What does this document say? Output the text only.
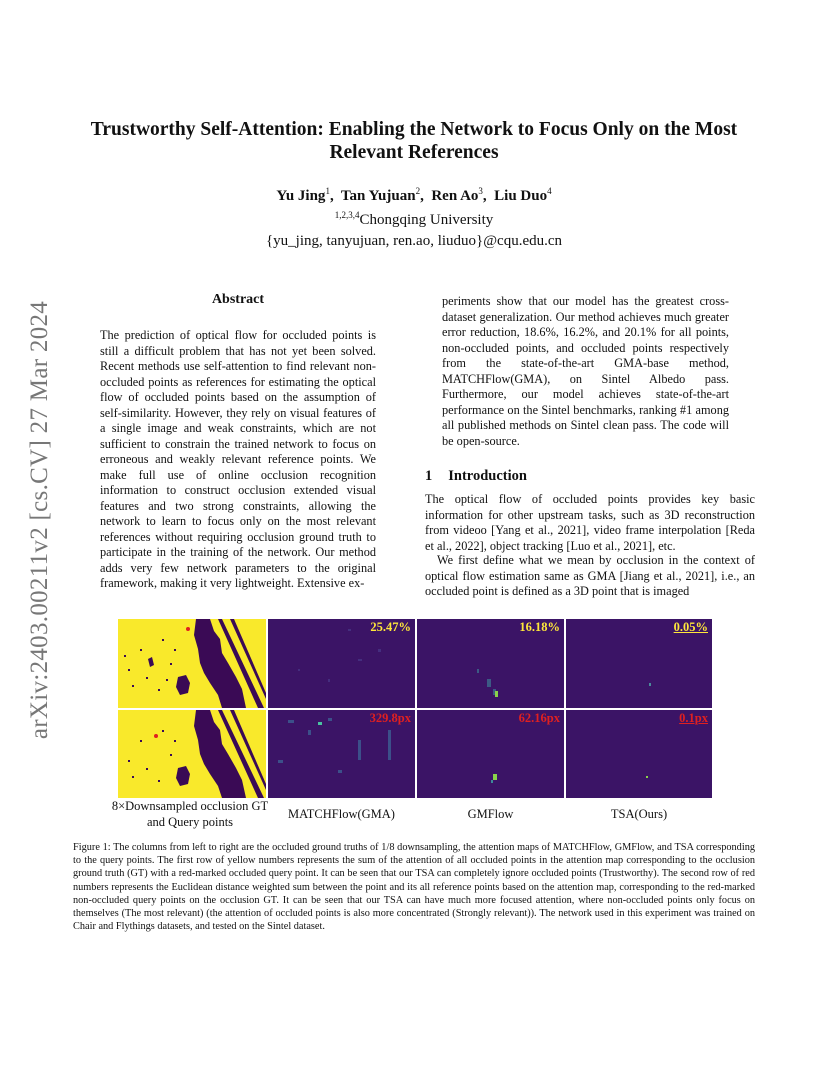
arXiv:2403.00211v2 [cs.CV] 27 Mar 2024
Trustworthy Self-Attention: Enabling the Network to Focus Only on the Most Relevant References
Yu Jing$^1$,  Tan Yujuan$^2$,  Ren Ao$^3$,  Liu Duo$^4$
$^{1,2,3,4}$Chongqing University
{yu_jing, tanyujuan, ren.ao, liuduo}@cqu.edu.cn
Abstract
The prediction of optical flow for occluded points is still a difficult problem that has not yet been solved. Recent methods use self-attention to find relevant non-occluded points as references for estimating the optical flow of occluded points based on the assumption of self-similarity. However, they rely on visual features of a single image and weak constraints, which are not sufficient to constrain the trained network to focus on erroneous and weakly relevant reference points. We make full use of online occlusion recognition information to construct occlusion extended visual features and two strong constraints, allowing the network to learn to focus only on the most relevant references without requiring occlusion ground truth to participate in the training of the network. Our method adds very few network parameters to the original framework, making it very lightweight. Extensive ex-
periments show that our model has the greatest cross-dataset generalization. Our method achieves much greater error reduction, 18.6%, 16.2%, and 20.1% for all points, non-occluded points, and occluded points respectively from the state-of-the-art GMA-base method, MATCHFlow(GMA), on Sintel Albedo pass. Furthermore, our model achieves state-of-the-art performance on the Sintel benchmarks, ranking #1 among all published methods on Sintel clean pass. The code will be open-source.
1 Introduction
The optical flow of occluded points provides key basic information for other upstream tasks, such as 3D reconstruction from videoo [Yang et al., 2021], video frame interpolation [Reda et al., 2022], object tracking [Luo et al., 2021], etc.
We first define what we mean by occlusion in the context of optical flow estimation same as GMA [Jiang et al., 2021], i.e., an occluded point is defined as a 3D point that is imaged
25.47%	16.18%	0.05%
329.8px	62.16px	0.1px
8×Downsampled occlusion GT and Query points
MATCHFlow(GMA)	GMFlow	TSA(Ours)
Figure 1: The columns from left to right are the occluded ground truths of 1/8 downsampling, the attention maps of MATCHFlow, GMFlow, and TSA corresponding to the query points. The first row of yellow numbers represents the sum of the attention of all occluded points in the attention map corresponding to the occlusion ground truth (GT) with a red-marked occluded query point. It can be seen that our TSA can completely ignore occluded points (Trustworthy). The second row of red numbers represents the Euclidean distance weighted sum between the point and its all reference points based on the attention map, corresponding to the red-marked non-occluded query points on the occlusion GT. It can be seen that our TSA can have much more focused attention, where non-occluded points only focus on themselves (The most relevant) (the attention of occluded points is also more concentrated (Strongly relevant)). The network used in this experiment was trained on Chair and Flythings datasets, and tested on the Sintel dataset.
